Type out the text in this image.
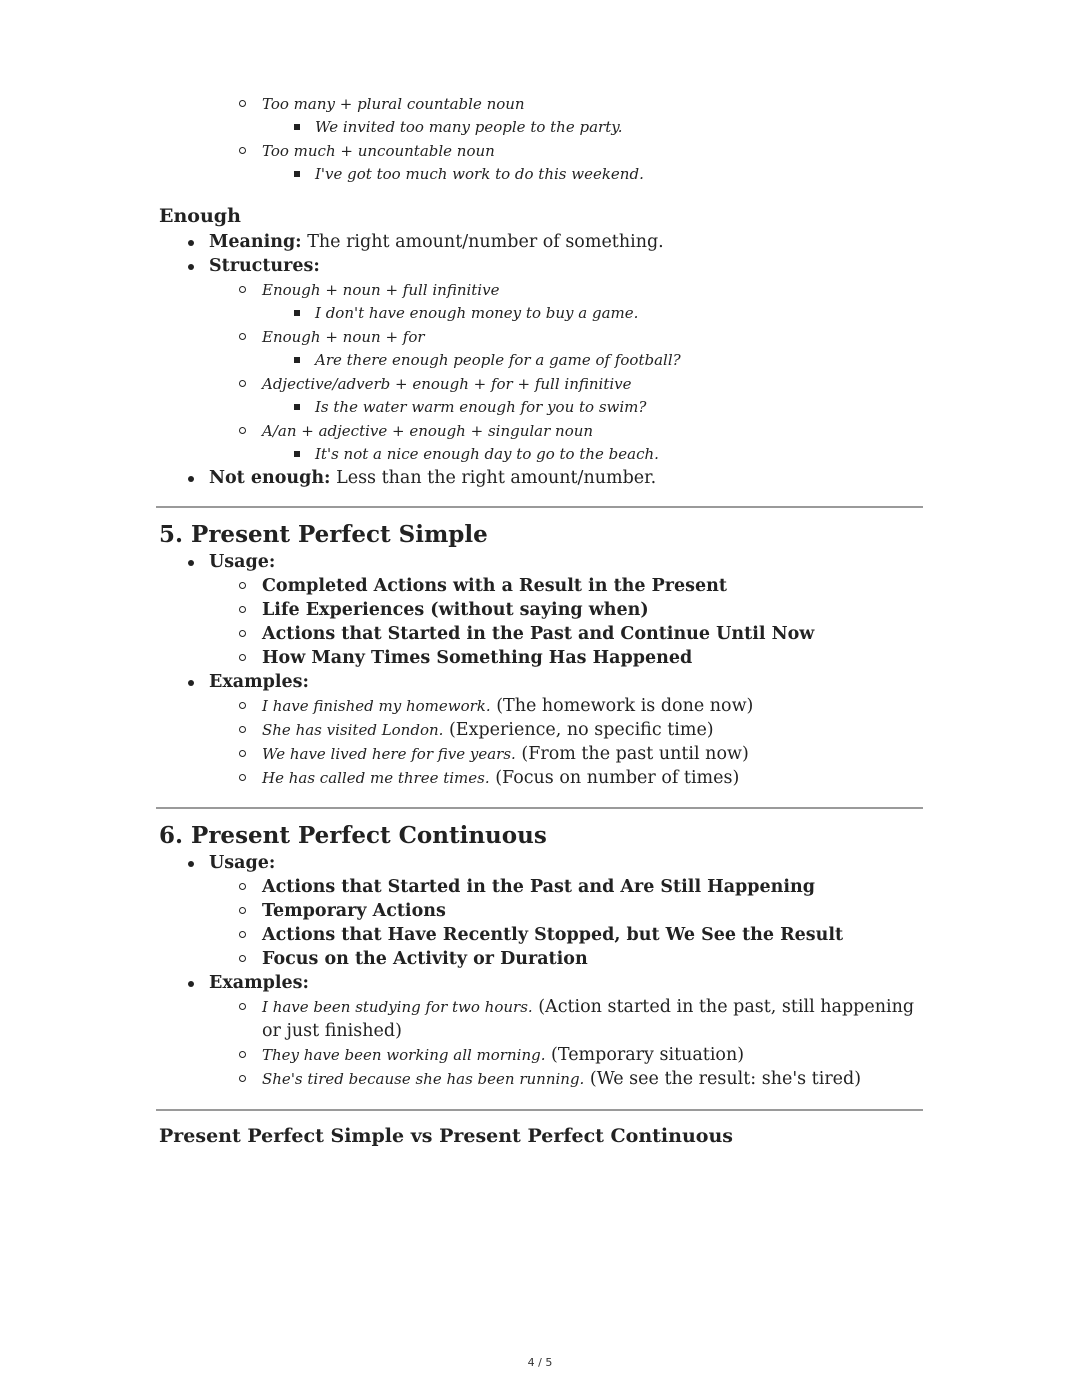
Too many + plural countable noun
We invited too many people to the party.
Too much + uncountable noun
I've got too much work to do this weekend.
Enough
Meaning: The right amount/number of something.
Structures:
Enough + noun + full infinitive
I don't have enough money to buy a game.
Enough + noun + for
Are there enough people for a game of football?
Adjective/adverb + enough + for + full infinitive
Is the water warm enough for you to swim?
A/an + adjective + enough + singular noun
It's not a nice enough day to go to the beach.
Not enough: Less than the right amount/number.
5. Present Perfect Simple
Usage:
Completed Actions with a Result in the Present
Life Experiences (without saying when)
Actions that Started in the Past and Continue Until Now
How Many Times Something Has Happened
Examples:
I have finished my homework. (The homework is done now)
She has visited London. (Experience, no specific time)
We have lived here for five years. (From the past until now)
He has called me three times. (Focus on number of times)
6. Present Perfect Continuous
Usage:
Actions that Started in the Past and Are Still Happening
Temporary Actions
Actions that Have Recently Stopped, but We See the Result
Focus on the Activity or Duration
Examples:
I have been studying for two hours. (Action started in the past, still happening or just finished)
They have been working all morning. (Temporary situation)
She's tired because she has been running. (We see the result: she's tired)
Present Perfect Simple vs Present Perfect Continuous
4 / 5
